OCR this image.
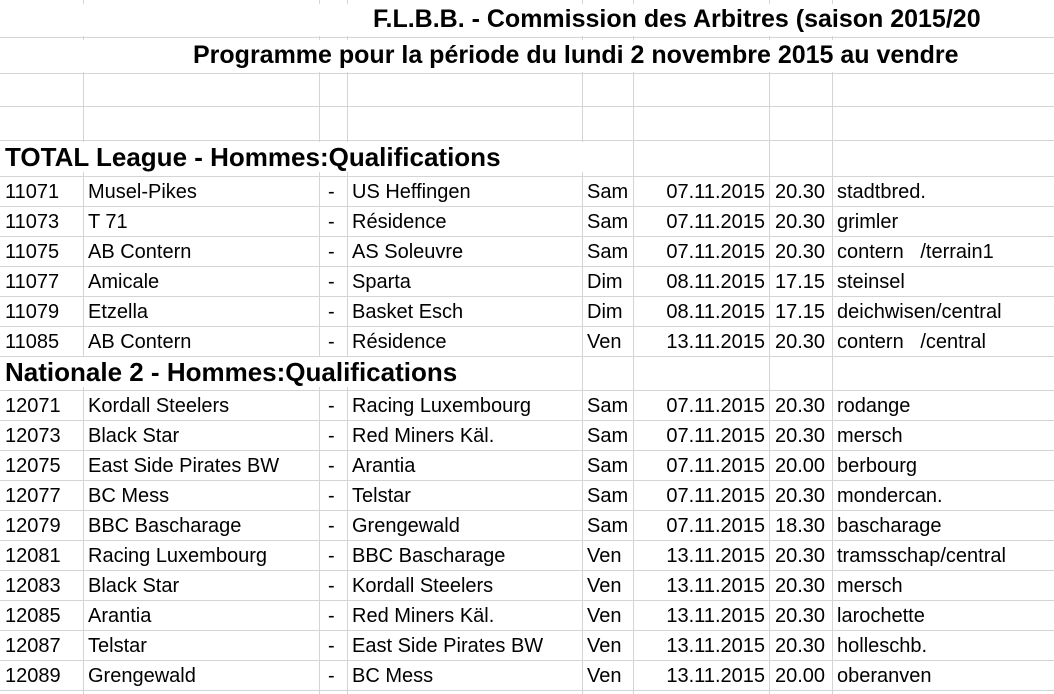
F.L.B.B. - Commission des Arbitres (saison 2015/20
Programme pour la période du lundi 2 novembre 2015 au vendre
TOTAL League - Hommes:Qualifications
11071 Musel-Pikes	- US Heffingen	Sam	07.11.2015 20.30 stadtbred.
11073 T 71	- Résidence	Sam	07.11.2015 20.30 grimler
11075 AB Contern	- AS Soleuvre	Sam	07.11.2015 20.30 contern   /terrain1
11077 Amicale	- Sparta	Dim	08.11.2015 17.15 steinsel
11079 Etzella	- Basket Esch	Dim	08.11.2015 17.15 deichwisen/central
11085 AB Contern	- Résidence	Ven	13.11.2015 20.30 contern   /central
Nationale 2 - Hommes:Qualifications
12071 Kordall Steelers	- Racing Luxembourg	Sam	07.11.2015 20.30 rodange
12073 Black Star	- Red Miners Käl.	Sam	07.11.2015 20.30 mersch
12075 East Side Pirates BW - Arantia	Sam	07.11.2015 20.00 berbourg
12077 BC Mess	- Telstar	Sam	07.11.2015 20.30 mondercan.
12079 BBC Bascharage	- Grengewald	Sam	07.11.2015 18.30 bascharage
12081 Racing Luxembourg	- BBC Bascharage	Ven	13.11.2015 20.30 tramsschap/central
12083 Black Star	- Kordall Steelers	Ven	13.11.2015 20.30 mersch
12085 Arantia	- Red Miners Käl.	Ven	13.11.2015 20.30 larochette
12087 Telstar	- East Side Pirates BW Ven	13.11.2015 20.30 holleschb.
12089 Grengewald	- BC Mess	Ven	13.11.2015 20.00 oberanven
